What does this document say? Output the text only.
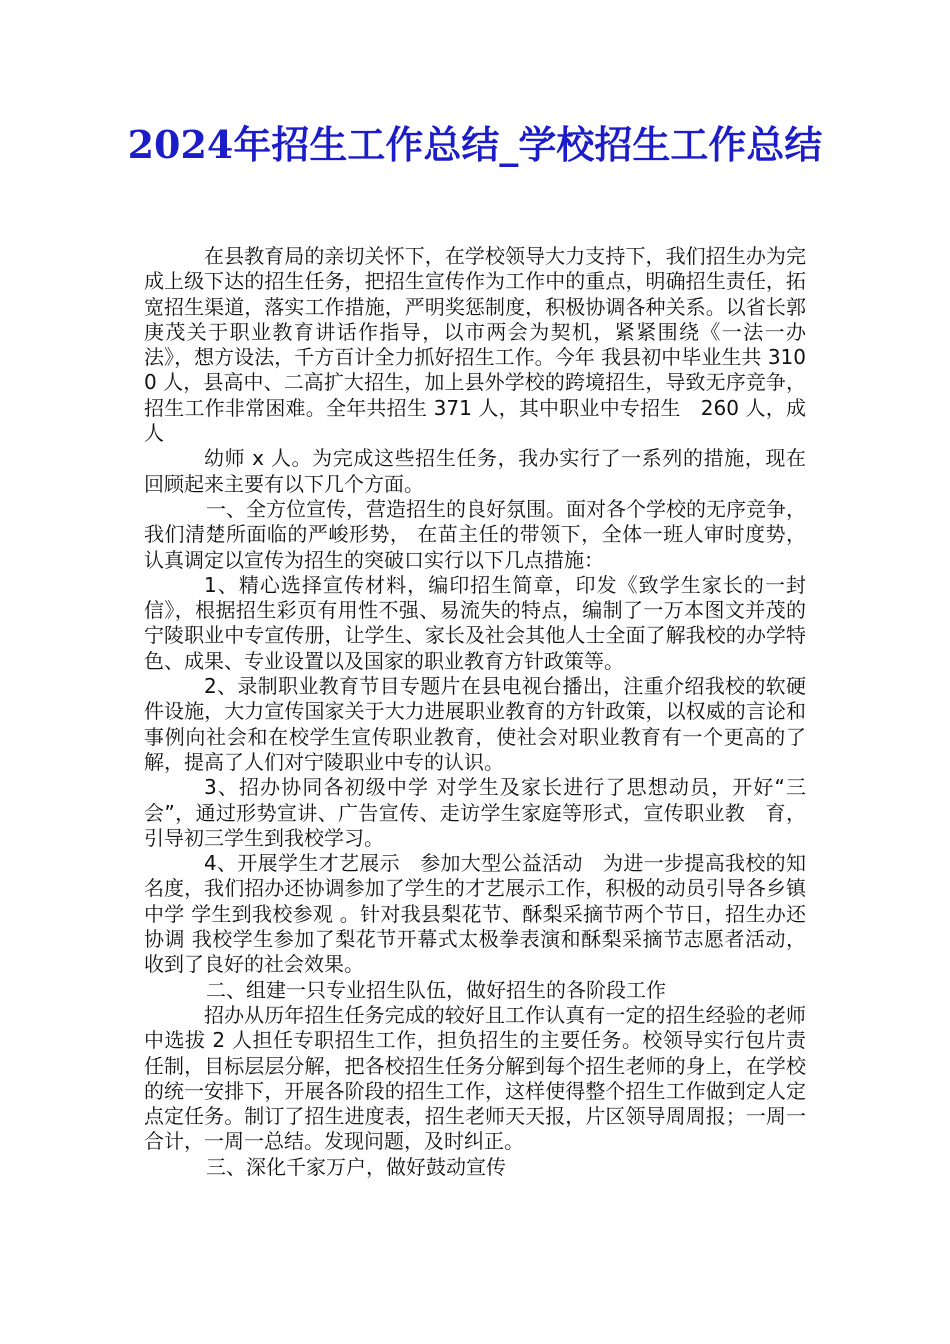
2024年招生工作总结_学校招生工作总结

在县教育局的亲切关怀下，在学校领导大力支持下，我们招生办为完成上级下达的招生任务，把招生宣传作为工作中的重点，明确招生责任，拓宽招生渠道，落实工作措施，严明奖惩制度，积极协调各种关系。以省长郭庚茂关于职业教育讲话作指导，以市两会为契机，紧紧围绕《一法一办法》，想方设法，千方百计全力抓好招生工作。今年 我县初中毕业生共 3100 人，县高中、二高扩大招生，加上县外学校的跨境招生，导致无序竞争，招生工作非常困难。全年共招生 371 人，其中职业中专招生　260 人，成人

幼师 x 人。为完成这些招生任务，我办实行了一系列的措施，现在回顾起来主要有以下几个方面。

一、全方位宣传，营造招生的良好氛围。面对各个学校的无序竞争，我们清楚所面临的严峻形势， 在苗主任的带领下，全体一班人审时度势，认真调定以宣传为招生的突破口实行以下几点措施：

1、精心选择宣传材料，编印招生简章，印发《致学生家长的一封信》，根据招生彩页有用性不强、易流失的特点，编制了一万本图文并茂的宁陵职业中专宣传册，让学生、家长及社会其他人士全面了解我校的办学特色、成果、专业设置以及国家的职业教育方针政策等。

2、录制职业教育节目专题片在县电视台播出，注重介绍我校的软硬件设施，大力宣传国家关于大力进展职业教育的方针政策，以权威的言论和事例向社会和在校学生宣传职业教育，使社会对职业教育有一个更高的了解，提高了人们对宁陵职业中专的认识。

3、招办协同各初级中学 对学生及家长进行了思想动员，开好“三会”，通过形势宣讲、广告宣传、走访学生家庭等形式，宣传职业教　育，引导初三学生到我校学习。

4、开展学生才艺展示　参加大型公益活动　为进一步提高我校的知名度，我们招办还协调参加了学生的才艺展示工作，积极的动员引导各乡镇中学 学生到我校参观 。针对我县梨花节、酥梨采摘节两个节日，招生办还协调 我校学生参加了梨花节开幕式太极拳表演和酥梨采摘节志愿者活动，收到了良好的社会效果。

二、组建一只专业招生队伍，做好招生的各阶段工作

招办从历年招生任务完成的较好且工作认真有一定的招生经验的老师中选拔 2 人担任专职招生工作，担负招生的主要任务。校领导实行包片责任制，目标层层分解，把各校招生任务分解到每个招生老师的身上，在学校的统一安排下，开展各阶段的招生工作，这样使得整个招生工作做到定人定点定任务。制订了招生进度表，招生老师天天报，片区领导周周报；一周一合计，一周一总结。发现问题，及时纠正。

三、深化千家万户，做好鼓动宣传
